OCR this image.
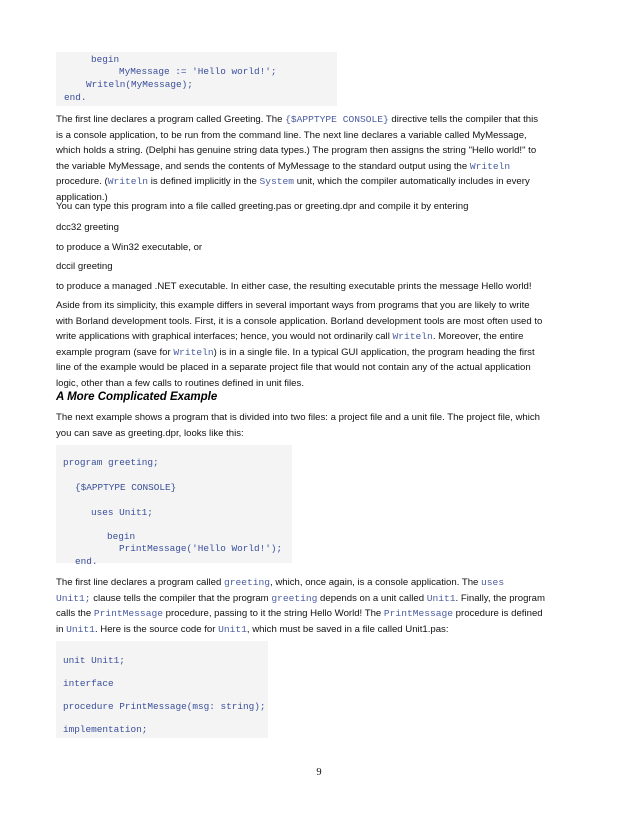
begin
MyMessage := 'Hello world!';
Writeln(MyMessage);
end.
The first line declares a program called Greeting. The {$APPTYPE CONSOLE} directive tells the compiler that this
is a console application, to be run from the command line. The next line declares a variable called MyMessage,
which holds a string. (Delphi has genuine string data types.) The program then assigns the string "Hello world!" to
the variable MyMessage, and sends the contents of MyMessage to the standard output using the Writeln
procedure. (Writeln is defined implicitly in the System unit, which the compiler automatically includes in every
application.)
You can type this program into a file called greeting.pas or greeting.dpr and compile it by entering
dcc32 greeting
to produce a Win32 executable, or
dccil greeting
to produce a managed .NET executable. In either case, the resulting executable prints the message Hello world!
Aside from its simplicity, this example differs in several important ways from programs that you are likely to write
with Borland development tools. First, it is a console application. Borland development tools are most often used to
write applications with graphical interfaces; hence, you would not ordinarily call Writeln. Moreover, the entire
example program (save for Writeln) is in a single file. In a typical GUI application, the program heading the first
line of the example would be placed in a separate project file that would not contain any of the actual application
logic, other than a few calls to routines defined in unit files.
A More Complicated Example
The next example shows a program that is divided into two files: a project file and a unit file. The project file, which
you can save as greeting.dpr, looks like this:
program greeting;
{$APPTYPE CONSOLE}
uses Unit1;
begin
PrintMessage('Hello World!');
end.
The first line declares a program called greeting, which, once again, is a console application. The uses
Unit1; clause tells the compiler that the program greeting depends on a unit called Unit1. Finally, the program
calls the PrintMessage procedure, passing to it the string Hello World! The PrintMessage procedure is defined
in Unit1. Here is the source code for Unit1, which must be saved in a file called Unit1.pas:
unit Unit1;
interface
procedure PrintMessage(msg: string);
implementation;
9
